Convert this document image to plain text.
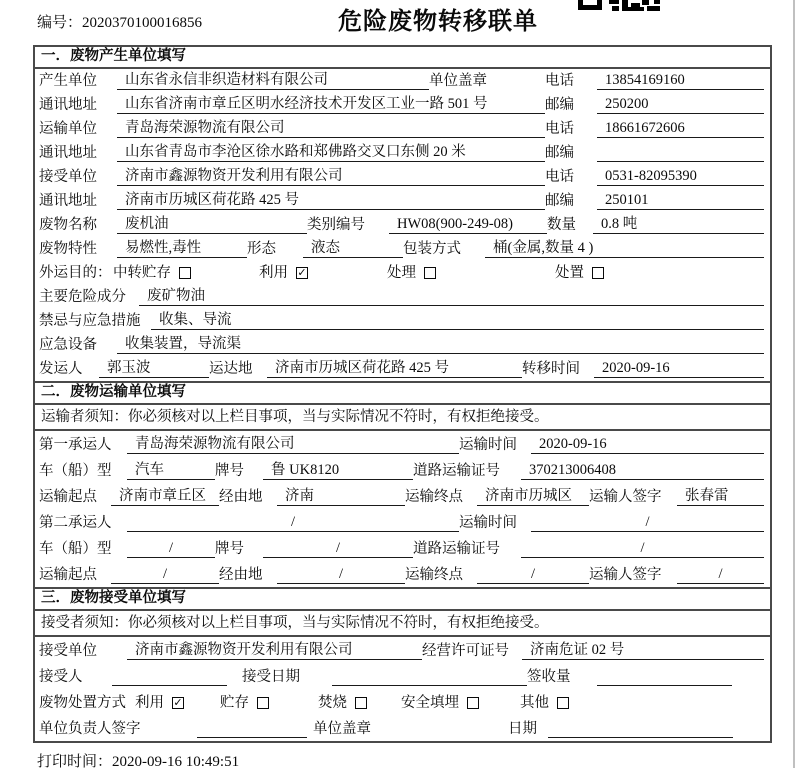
编号：2020370100016856	危险废物转移联单
一．废物产生单位填写
产生单位	山东省永信非织造材料有限公司	单位盖章	电话	13854169160
通讯地址	山东省济南市章丘区明水经济技术开发区工业一路 501 号	邮编	250200
运输单位	青岛海荣源物流有限公司	电话	18661672606
通讯地址	山东省青岛市李沧区徐水路和郑佛路交叉口东侧 20 米	邮编
接受单位	济南市鑫源物资开发利用有限公司	电话	0531-82095390
通讯地址	济南市历城区荷花路 425 号	邮编	250101
废物名称	废机油	类别编号	HW08(900-249-08)	数量	0.8 吨
废物特性	易燃性,毒性	形态	液态	包装方式	桶(金属,数量 4 )
外运目的： 中转贮存	利用 ✓	处理	处置
主要危险成分	废矿物油
禁忌与应急措施	收集、导流
应急设备	收集装置，导流渠
发运人	郭玉波	运达地	济南市历城区荷花路 425 号	转移时间	2020-09-16
二．废物运输单位填写
运输者须知：你必须核对以上栏目事项，当与实际情况不符时，有权拒绝接受。
第一承运人	青岛海荣源物流有限公司	运输时间	2020-09-16
车（船）型	汽车	牌号	鲁 UK8120	道路运输证号	370213006408
运输起点	济南市章丘区 经由地	济南	运输终点	济南市历城区	运输人签字	张春雷
第二承运人	/	运输时间	/
车（船）型	/	牌号	/	道路运输证号	/
运输起点	/	经由地	/	运输终点	/	运输人签字	/
三．废物接受单位填写
接受者须知：你必须核对以上栏目事项，当与实际情况不符时，有权拒绝接受。
接受单位	济南市鑫源物资开发利用有限公司	经营许可证号	济南危证 02 号
接受人	接受日期	签收量
废物处置方式 利用 ✓	贮存	焚烧	安全填埋	其他
单位负责人签字	单位盖章	日期
打印时间：2020-09-16 10:49:51
